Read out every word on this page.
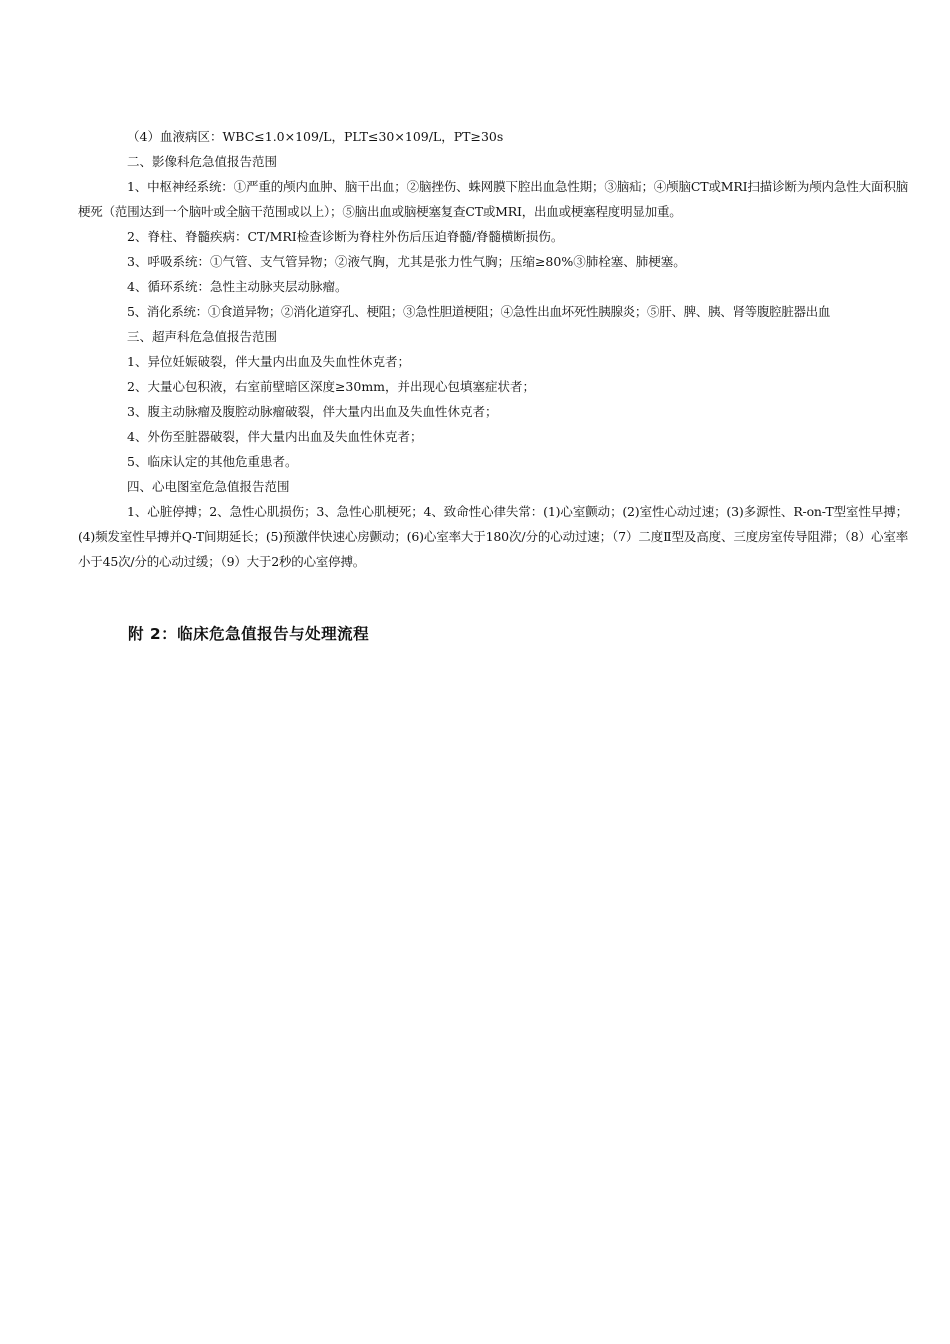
（4）血液病区：WBC≤1.0×109/L，PLT≤30×109/L，PT≥30s

二、影像科危急值报告范围

1、中枢神经系统：①严重的颅内血肿、脑干出血；②脑挫伤、蛛网膜下腔出血急性期；③脑疝；④颅脑CT或MRI扫描诊断为颅内急性大面积脑梗死（范围达到一个脑叶或全脑干范围或以上）；⑤脑出血或脑梗塞复查CT或MRI，出血或梗塞程度明显加重。

2、脊柱、脊髓疾病：CT/MRI检查诊断为脊柱外伤后压迫脊髓/脊髓横断损伤。

3、呼吸系统：①气管、支气管异物；②液气胸，尤其是张力性气胸；压缩≥80%③肺栓塞、肺梗塞。

4、循环系统：急性主动脉夹层动脉瘤。

5、消化系统：①食道异物；②消化道穿孔、梗阻；③急性胆道梗阻；④急性出血坏死性胰腺炎；⑤肝、脾、胰、肾等腹腔脏器出血

三、超声科危急值报告范围

1、异位妊娠破裂，伴大量内出血及失血性休克者；

2、大量心包积液，右室前壁暗区深度≥30mm，并出现心包填塞症状者；

3、腹主动脉瘤及腹腔动脉瘤破裂，伴大量内出血及失血性休克者；

4、外伤至脏器破裂，伴大量内出血及失血性休克者；

5、临床认定的其他危重患者。

四、心电图室危急值报告范围

1、心脏停搏；2、急性心肌损伤；3、急性心肌梗死；4、致命性心律失常：(1)心室颤动；(2)室性心动过速；(3)多源性、R-on-T型室性早搏；(4)频发室性早搏并Q-T间期延长；(5)预激伴快速心房颤动；(6)心室率大于180次/分的心动过速；（7）二度Ⅱ型及高度、三度房室传导阻滞；（8）心室率小于45次/分的心动过缓；（9）大于2秒的心室停搏。

附 2：临床危急值报告与处理流程
